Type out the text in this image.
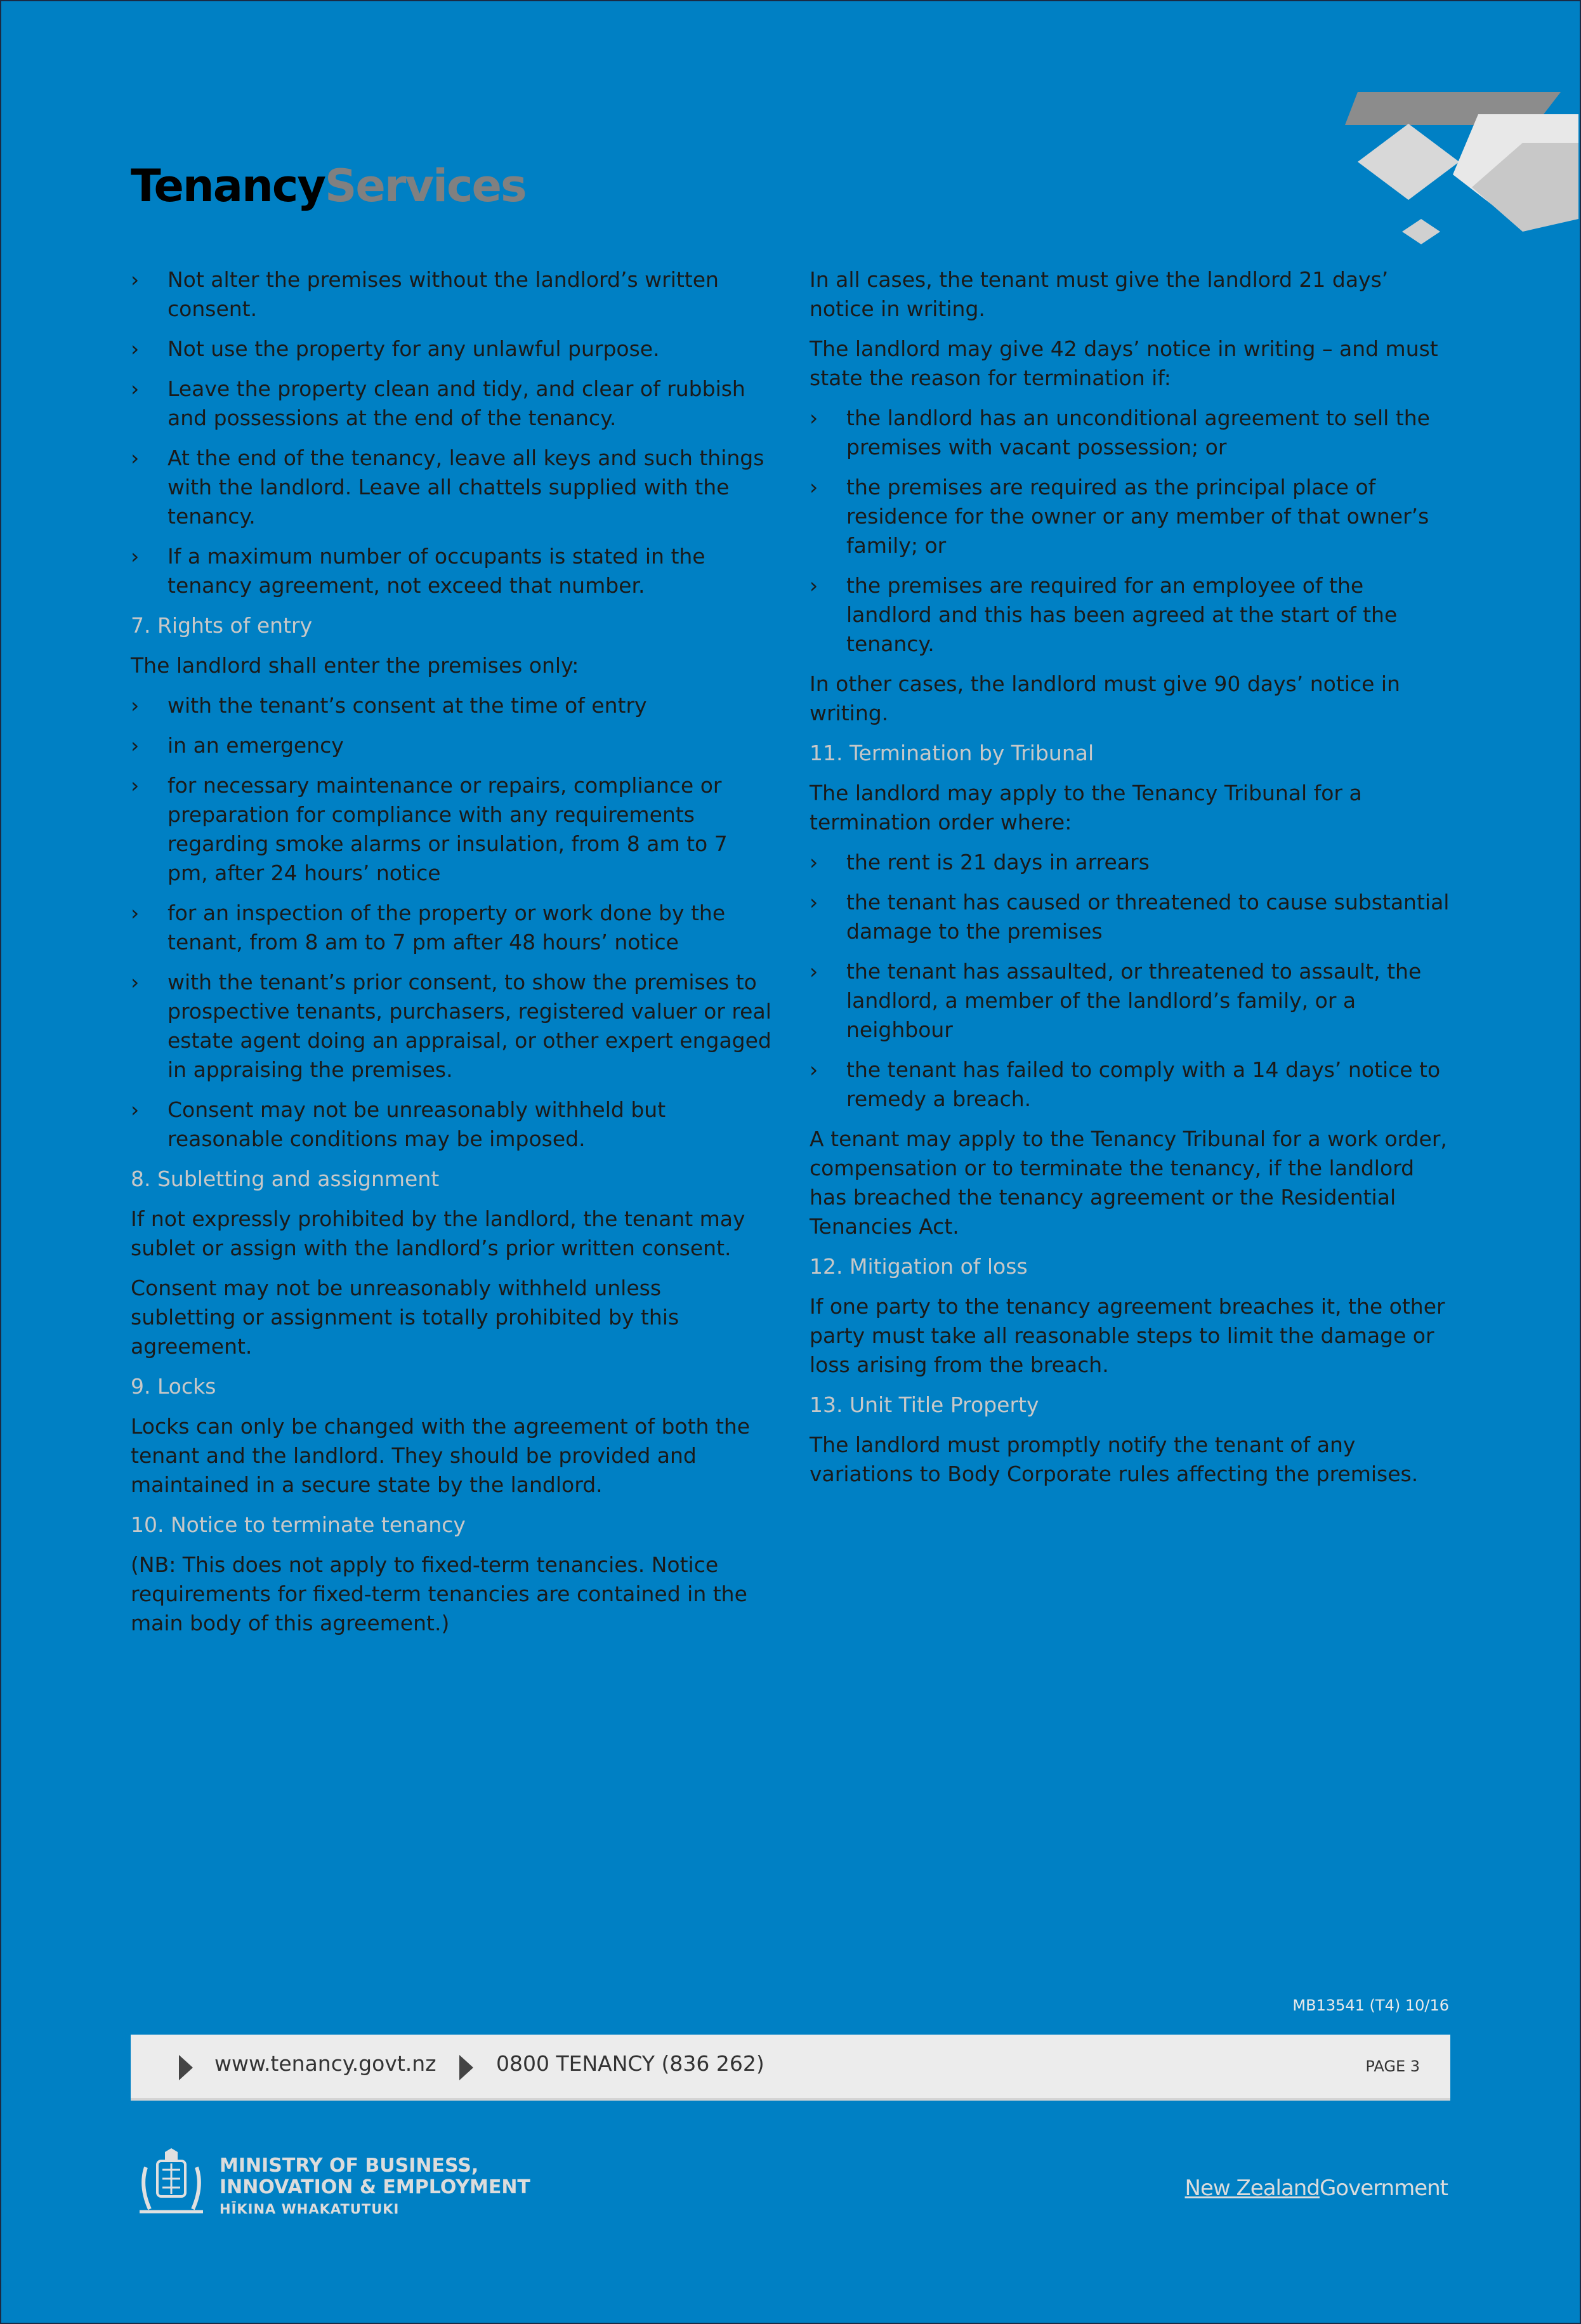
TenancyServices
› Not alter the premises without the landlord’s written consent.
› Not use the property for any unlawful purpose.
› Leave the property clean and tidy, and clear of rubbish and possessions at the end of the tenancy.
› At the end of the tenancy, leave all keys and such things with the landlord. Leave all chattels supplied with the tenancy.
› If a maximum number of occupants is stated in the tenancy agreement, not exceed that number.
7. Rights of entry
The landlord shall enter the premises only:
› with the tenant’s consent at the time of entry
› in an emergency
› for necessary maintenance or repairs, compliance or preparation for compliance with any requirements regarding smoke alarms or insulation, from 8 am to 7 pm, after 24 hours’ notice
› for an inspection of the property or work done by the tenant, from 8 am to 7 pm after 48 hours’ notice
› with the tenant’s prior consent, to show the premises to prospective tenants, purchasers, registered valuer or real estate agent doing an appraisal, or other expert engaged in appraising the premises.
› Consent may not be unreasonably withheld but reasonable conditions may be imposed.
8. Subletting and assignment
If not expressly prohibited by the landlord, the tenant may sublet or assign with the landlord’s prior written consent.
Consent may not be unreasonably withheld unless subletting or assignment is totally prohibited by this agreement.
9. Locks
Locks can only be changed with the agreement of both the tenant and the landlord. They should be provided and maintained in a secure state by the landlord.
10. Notice to terminate tenancy
(NB: This does not apply to fixed-term tenancies. Notice requirements for fixed-term tenancies are contained in the main body of this agreement.)
In all cases, the tenant must give the landlord 21 days’ notice in writing.
The landlord may give 42 days’ notice in writing – and must state the reason for termination if:
› the landlord has an unconditional agreement to sell the premises with vacant possession; or
› the premises are required as the principal place of residence for the owner or any member of that owner’s family; or
› the premises are required for an employee of the landlord and this has been agreed at the start of the tenancy.
In other cases, the landlord must give 90 days’ notice in writing.
11. Termination by Tribunal
The landlord may apply to the Tenancy Tribunal for a termination order where:
› the rent is 21 days in arrears
› the tenant has caused or threatened to cause substantial damage to the premises
› the tenant has assaulted, or threatened to assault, the landlord, a member of the landlord’s family, or a neighbour
› the tenant has failed to comply with a 14 days’ notice to remedy a breach.
A tenant may apply to the Tenancy Tribunal for a work order, compensation or to terminate the tenancy, if the landlord has breached the tenancy agreement or the Residential Tenancies Act.
12. Mitigation of loss
If one party to the tenancy agreement breaches it, the other party must take all reasonable steps to limit the damage or loss arising from the breach.
13. Unit Title Property
The landlord must promptly notify the tenant of any variations to Body Corporate rules affecting the premises.
MB13541 (T4) 10/16
www.tenancy.govt.nz	0800 TENANCY (836 262)	PAGE 3
MINISTRY OF BUSINESS,
INNOVATION & EMPLOYMENT
HĪKINA WHAKATUTUKI
New ZealandGovernment
